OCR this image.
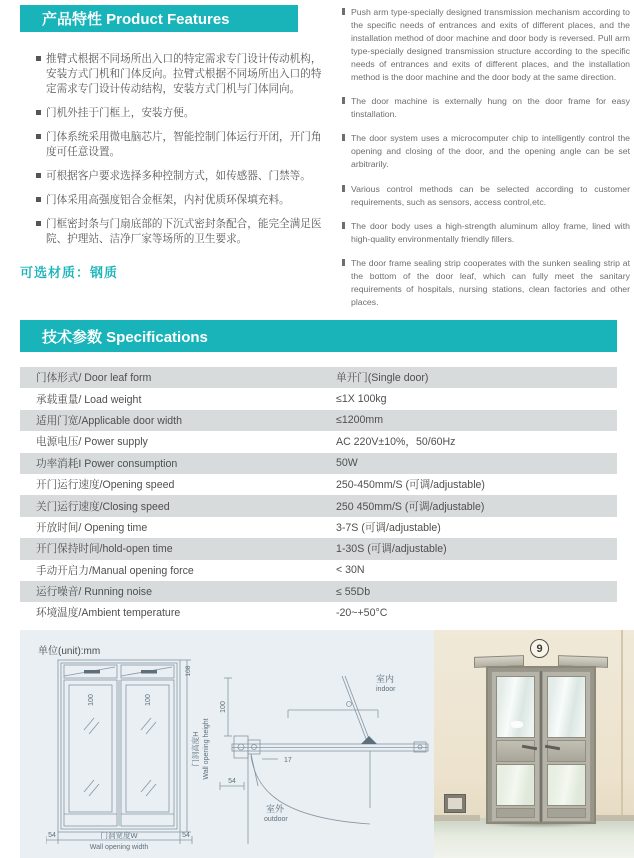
产品特性 Product Features	Push arm type-specially designed transmission mechanism according to the specific needs of entrances and exits of different places, and the installation method of door machine and door body is reversed. Pull arm type-specially designed transmission structure according to the specific needs of entrances and exits of different places, and the installation method is the door machine and the door body at the same direction.

The door machine is externally hung on the door frame for easy tinstallation.

The door system uses a microcomputer chip to intelligently control the opening and closing of the door, and the opening angle can be set arbitrarily.

Various control methods can be selected according to customer requirements, such as sensors, access control,etc.

The door body uses a high-strength aluminum alloy frame, lined with high-quality environmentally friendly fillers.

The door frame sealing strip cooperates with the sunken sealing strip at the bottom of the door leaf, which can fully meet the sanitary requirements of hospitals, nursing stations, clean factories and other places.

推臂式根据不同场所出入口的特定需求专门设计传动机构，安装方式门机和门体反向。拉臂式根据不同场所出入口的特定需求专门设计传动结构，安装方式门机与门体同向。

门机外挂于门框上，安装方便。

门体系统采用微电脑芯片，智能控制门体运行开闭，开门角度可任意设置。

可根据客户要求选择多种控制方式，如传感器、门禁等。

门体采用高强度铝合金框架，内衬优质环保填充料。

门框密封条与门扇底部的下沉式密封条配合，能完全满足医院、护理站、洁净厂家等场所的卫生要求。

可选材质：钢质
技术参数 Specifications
门体形式/ Door leaf form	单开门(Single door)
承载重量/ Load weight	≤1X 100kg
适用门宽/Applicable door width	≤1200mm
电源电压/ Power supply	AC 220V±10%，50/60Hz
功率消耗I Power consumption	50W
开门运行速度/Opening speed	250-450mm/S (可调/adjustable)
关门运行速度/Closing speed	250 450mm/S (可调/adjustable)
开放时间/ Opening time	3-7S (可调/adjustable)
开门保持时间/hold-open time	1-30S (可调/adjustable)
手动开启力/Manual opening force	< 30N
运行噪音/ Running noise	≤ 55Db
环境温度/Ambient temperature	-20~+50°C
单位(unit):mm
100	100
108
门洞高度H Wall opening height
54	54
门洞宽度W
Wall opening width
室内
indoor
室外
outdoor
100
54
17
9
